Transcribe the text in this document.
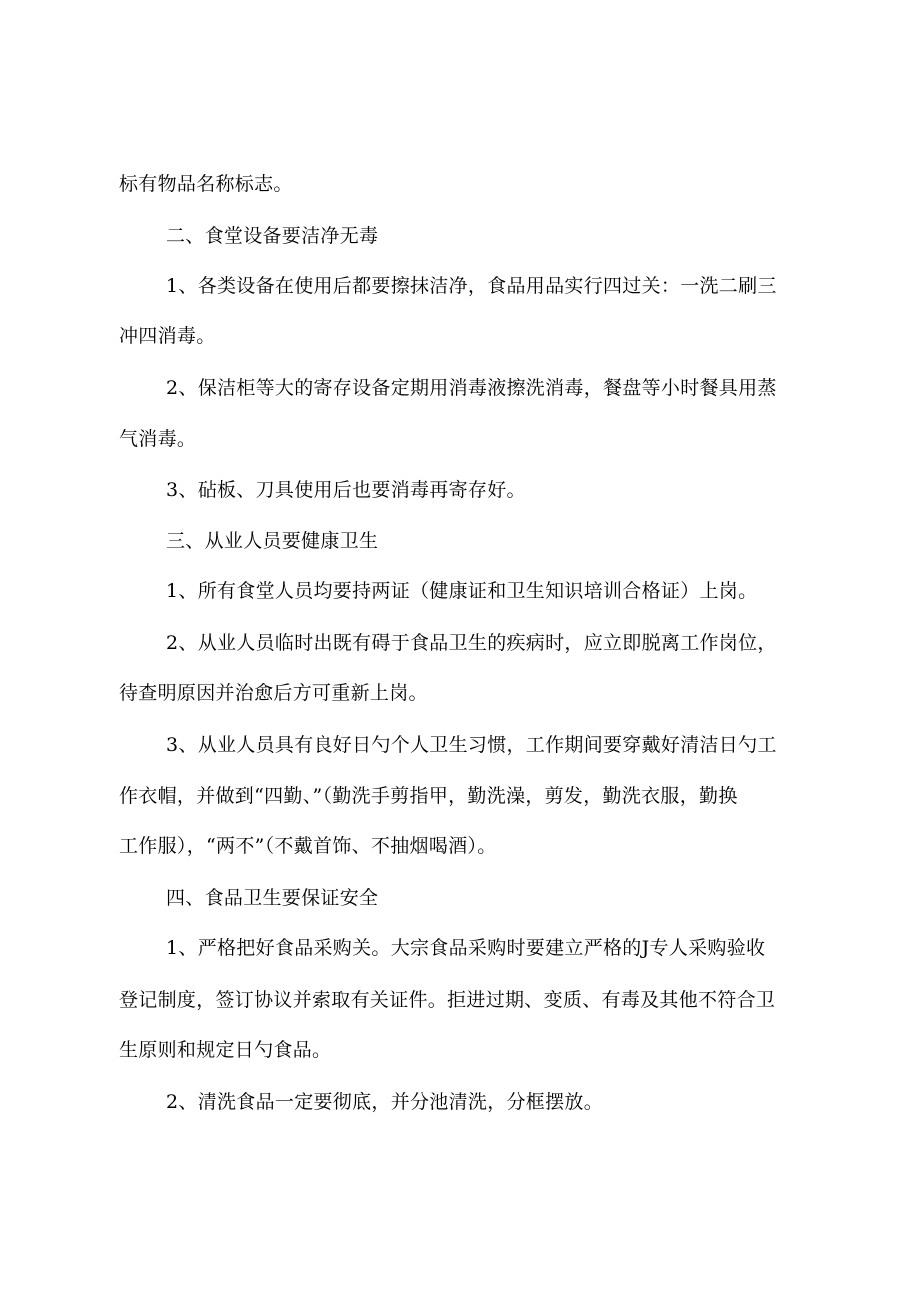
标有物品名称标志。
二、食堂设备要洁净无毒
1、各类设备在使用后都要擦抹洁净，食品用品实行四过关：一洗二刷三
冲四消毒。
2、保洁柜等大的寄存设备定期用消毒液擦洗消毒，餐盘等小时餐具用蒸
气消毒。
3、砧板、刀具使用后也要消毒再寄存好。
三、从业人员要健康卫生
1、所有食堂人员均要持两证（健康证和卫生知识培训合格证）上岗。
2、从业人员临时出既有碍于食品卫生的疾病时，应立即脱离工作岗位，
待查明原因并治愈后方可重新上岗。
3、从业人员具有良好日勺个人卫生习惯，工作期间要穿戴好清洁日勺工
作衣帽，并做到“四勤、”（勤洗手剪指甲，勤洗澡，剪发，勤洗衣服，勤换
工作服），“两不”（不戴首饰、不抽烟喝酒）。
四、食品卫生要保证安全
1、严格把好食品采购关。大宗食品采购时要建立严格的J专人采购验收
登记制度，签订协议并索取有关证件。拒进过期、变质、有毒及其他不符合卫
生原则和规定日勺食品。
2、清洗食品一定要彻底，并分池清洗，分框摆放。
